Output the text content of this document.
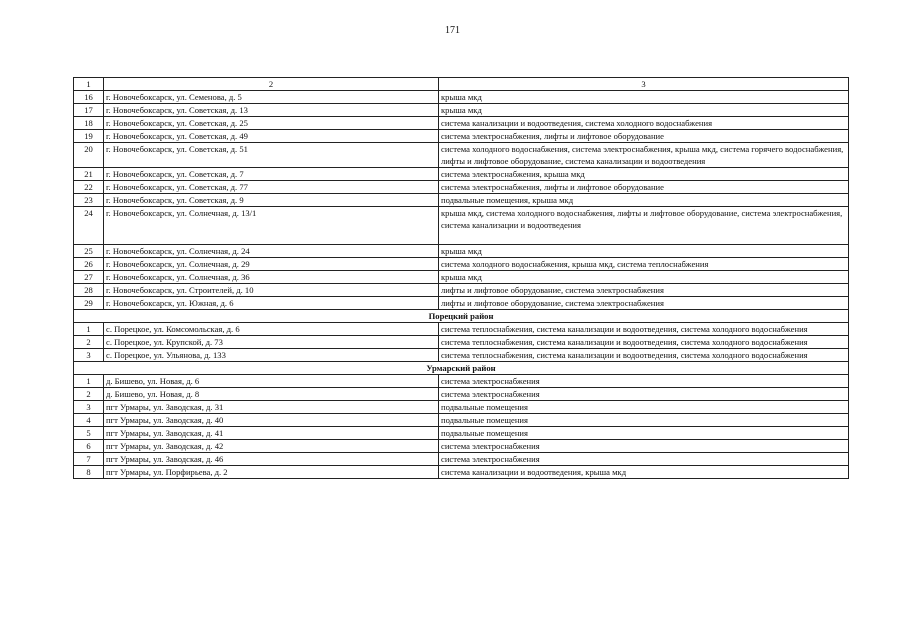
171
1	2	3
16	г. Новочебоксарск, ул. Семенова, д. 5	крыша мкд
17	г. Новочебоксарск, ул. Советская, д. 13	крыша мкд
18	г. Новочебоксарск, ул. Советская, д. 25	система канализации и водоотведения, система холодного водоснабжения
19	г. Новочебоксарск, ул. Советская, д. 49	система электроснабжения, лифты и лифтовое оборудование
20	г. Новочебоксарск, ул. Советская, д. 51	система холодного водоснабжения, система электроснабжения, крыша мкд, система горячего водоснабжения, лифты и лифтовое оборудование, система канализации и водоотведения
21	г. Новочебоксарск, ул. Советская, д. 7	система электроснабжения, крыша мкд
22	г. Новочебоксарск, ул. Советская, д. 77	система электроснабжения, лифты и лифтовое оборудование
23	г. Новочебоксарск, ул. Советская, д. 9	подвальные помещения, крыша мкд
24	г. Новочебоксарск, ул. Солнечная, д. 13/1	крыша мкд, система холодного водоснабжения, лифты и лифтовое оборудование, система электроснабжения, система канализации и водоотведения
25	г. Новочебоксарск, ул. Солнечная, д. 24	крыша мкд
26	г. Новочебоксарск, ул. Солнечная, д. 29	система холодного водоснабжения, крыша мкд, система теплоснабжения
27	г. Новочебоксарск, ул. Солнечная, д. 36	крыша мкд
28	г. Новочебоксарск, ул. Строителей, д. 10	лифты и лифтовое оборудование, система электроснабжения
29	г. Новочебоксарск, ул. Южная, д. 6	лифты и лифтовое оборудование, система электроснабжения
Порецкий район		
1	с. Порецкое, ул. Комсомольская, д. 6	система теплоснабжения, система канализации и водоотведения, система холодного водоснабжения
2	с. Порецкое, ул. Крупской, д. 73	система теплоснабжения, система канализации и водоотведения, система холодного водоснабжения
3	с. Порецкое, ул. Ульянова, д. 133	система теплоснабжения, система канализации и водоотведения, система холодного водоснабжения
Урмарский район		
1	д. Бишево, ул. Новая, д. 6	система электроснабжения
2	д. Бишево, ул. Новая, д. 8	система электроснабжения
3	пгт Урмары, ул. Заводская, д. 31	подвальные помещения
4	пгт Урмары, ул. Заводская, д. 40	подвальные помещения
5	пгт Урмары, ул. Заводская, д. 41	подвальные помещения
6	пгт Урмары, ул. Заводская, д. 42	система электроснабжения
7	пгт Урмары, ул. Заводская, д. 46	система электроснабжения
8	пгт Урмары, ул. Порфирьева, д. 2	система канализации и водоотведения, крыша мкд
